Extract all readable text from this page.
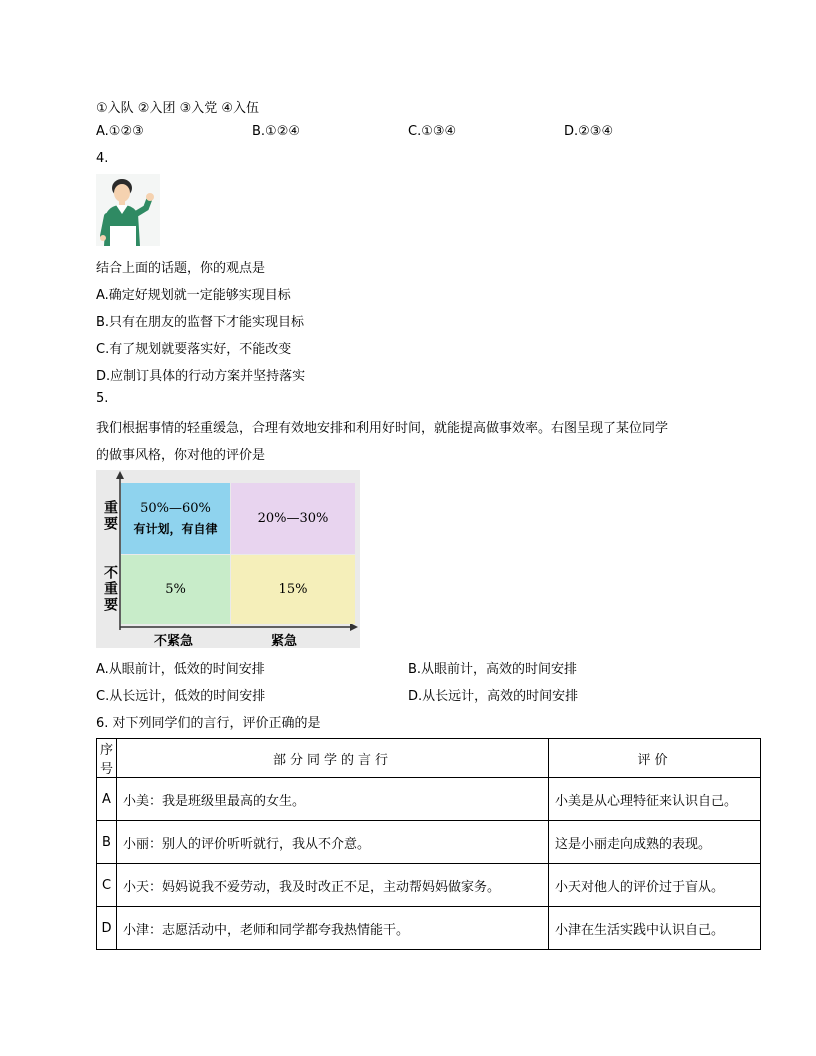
①入队 ②入团 ③入党 ④入伍
A.①②③	B.①②④	C.①③④	D.②③④
4.
结合上面的话题，你的观点是
A.确定好规划就一定能够实现目标
B.只有在朋友的监督下才能实现目标
C.有了规划就要落实好，不能改变
D.应制订具体的行动方案并坚持落实
5.
我们根据事情的轻重缓急，合理有效地安排和利用好时间，就能提高做事效率。右图呈现了某位同学
的做事风格，你对他的评价是
50%—60%
有计划，有自律
20%—30%
5%	15%
重要
不重要
不紧急	紧急
A.从眼前计，低效的时间安排	B.从眼前计，高效的时间安排
C.从长远计，低效的时间安排	D.从长远计，高效的时间安排
6. 对下列同学们的言行，评价正确的是
序号	部分同学的言行	评价
A	小美：我是班级里最高的女生。	小美是从心理特征来认识自己。
B	小丽：别人的评价听听就行，我从不介意。	这是小丽走向成熟的表现。
C	小天：妈妈说我不爱劳动，我及时改正不足，主动帮妈妈做家务。	小天对他人的评价过于盲从。
D	小津：志愿活动中，老师和同学都夸我热情能干。	小津在生活实践中认识自己。
